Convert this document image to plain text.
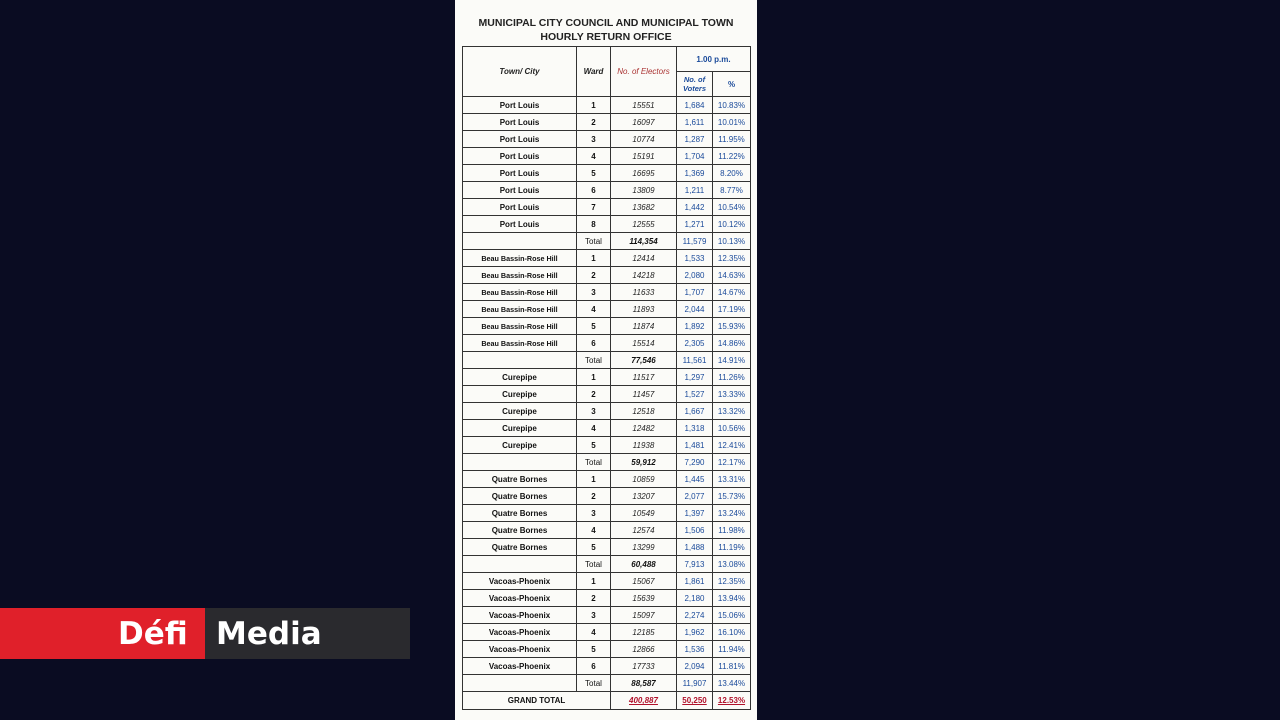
MUNICIPAL CITY COUNCIL AND MUNICIPAL TOWN
HOURLY RETURN OFFICE
Town/ City	Ward	No. of Electors	1.00 p.m.	
			No. of Voters	%
Port Louis	1	15551	1,684	10.83%
Port Louis	2	16097	1,611	10.01%
Port Louis	3	10774	1,287	11.95%
Port Louis	4	15191	1,704	11.22%
Port Louis	5	16695	1,369	8.20%
Port Louis	6	13809	1,211	8.77%
Port Louis	7	13682	1,442	10.54%
Port Louis	8	12555	1,271	10.12%
	Total	114,354	11,579	10.13%
Beau Bassin-Rose Hill	1	12414	1,533	12.35%
Beau Bassin-Rose Hill	2	14218	2,080	14.63%
Beau Bassin-Rose Hill	3	11633	1,707	14.67%
Beau Bassin-Rose Hill	4	11893	2,044	17.19%
Beau Bassin-Rose Hill	5	11874	1,892	15.93%
Beau Bassin-Rose Hill	6	15514	2,305	14.86%
	Total	77,546	11,561	14.91%
Curepipe	1	11517	1,297	11.26%
Curepipe	2	11457	1,527	13.33%
Curepipe	3	12518	1,667	13.32%
Curepipe	4	12482	1,318	10.56%
Curepipe	5	11938	1,481	12.41%
	Total	59,912	7,290	12.17%
Quatre Bornes	1	10859	1,445	13.31%
Quatre Bornes	2	13207	2,077	15.73%
Quatre Bornes	3	10549	1,397	13.24%
Quatre Bornes	4	12574	1,506	11.98%
Quatre Bornes	5	13299	1,488	11.19%
	Total	60,488	7,913	13.08%
Vacoas-Phoenix	1	15067	1,861	12.35%
Vacoas-Phoenix	2	15639	2,180	13.94%
Vacoas-Phoenix	3	15097	2,274	15.06%
Vacoas-Phoenix	4	12185	1,962	16.10%
Vacoas-Phoenix	5	12866	1,536	11.94%
Vacoas-Phoenix	6	17733	2,094	11.81%
	Total	88,587	11,907	13.44%
GRAND TOTAL		400,887	50,250	12.53%
Défi Media
